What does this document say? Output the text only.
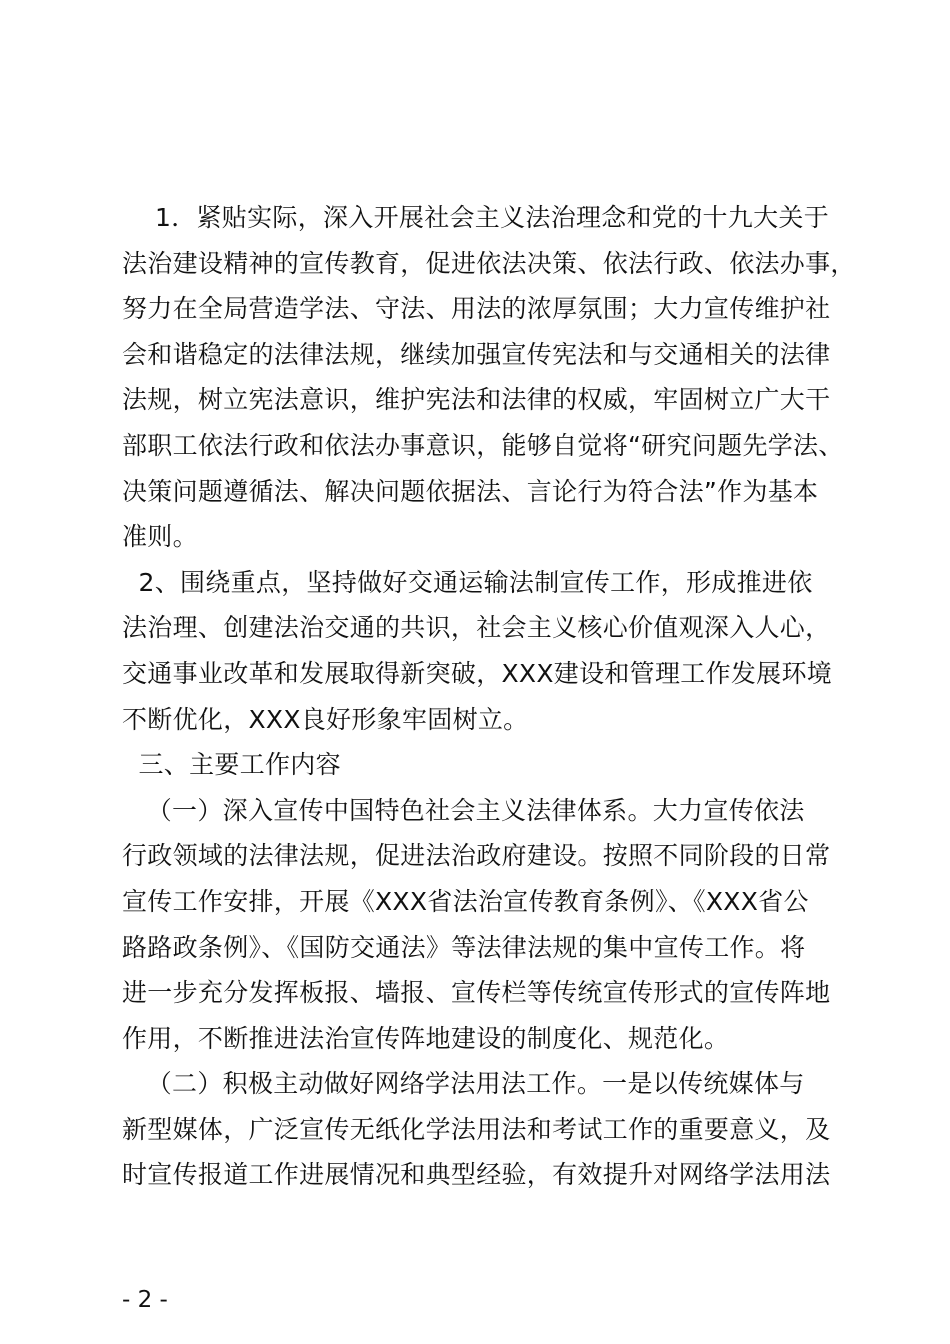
1．紧贴实际，深入开展社会主义法治理念和党的十九大关于
法治建设精神的宣传教育，促进依法决策、依法行政、依法办事，
努力在全局营造学法、守法、用法的浓厚氛围；大力宣传维护社
会和谐稳定的法律法规，继续加强宣传宪法和与交通相关的法律
法规，树立宪法意识，维护宪法和法律的权威，牢固树立广大干
部职工依法行政和依法办事意识，能够自觉将“研究问题先学法、
决策问题遵循法、解决问题依据法、言论行为符合法”作为基本
准则。
2、围绕重点，坚持做好交通运输法制宣传工作，形成推进依
法治理、创建法治交通的共识，社会主义核心价值观深入人心，
交通事业改革和发展取得新突破，XXX建设和管理工作发展环境
不断优化，XXX良好形象牢固树立。
三、主要工作内容
（一）深入宣传中国特色社会主义法律体系。大力宣传依法
行政领域的法律法规，促进法治政府建设。按照不同阶段的日常
宣传工作安排，开展《XXX省法治宣传教育条例》、《XXX省公
路路政条例》、《国防交通法》等法律法规的集中宣传工作。将
进一步充分发挥板报、墙报、宣传栏等传统宣传形式的宣传阵地
作用，不断推进法治宣传阵地建设的制度化、规范化。
（二）积极主动做好网络学法用法工作。一是以传统媒体与
新型媒体，广泛宣传无纸化学法用法和考试工作的重要意义，及
时宣传报道工作进展情况和典型经验，有效提升对网络学法用法
- 2 -
